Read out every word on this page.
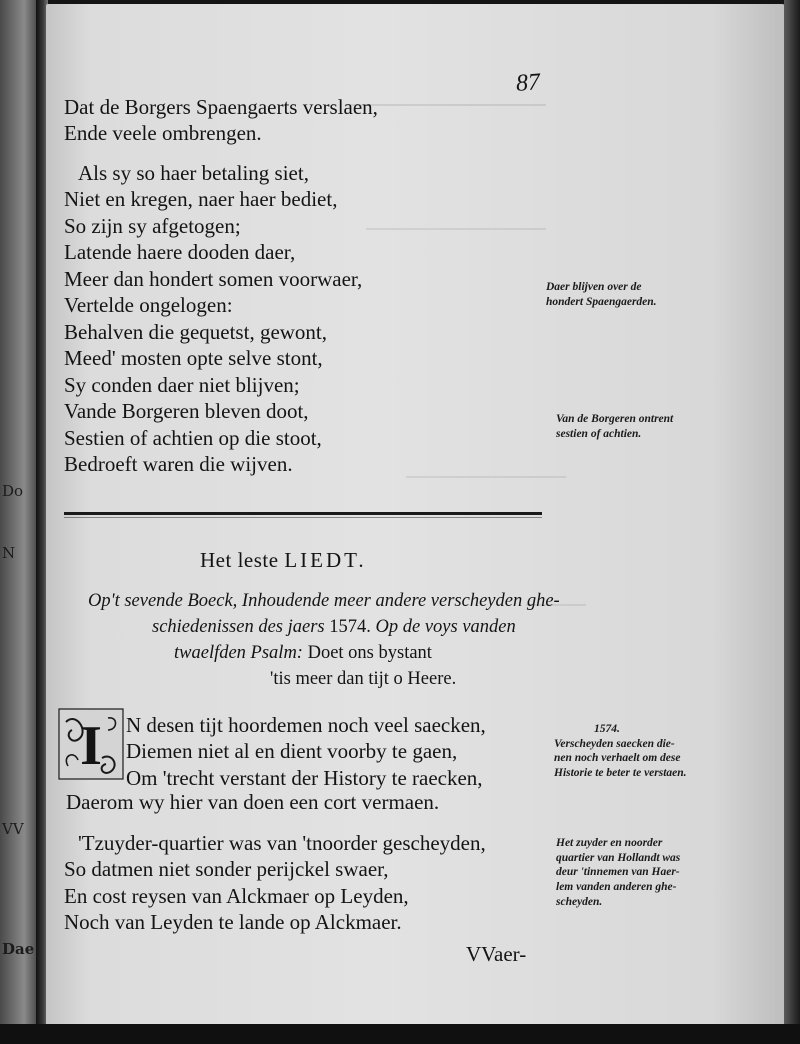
Do
N
VV
Dae
87
Dat de Borgers Spaengaerts verslaen,
Ende veele ombrengen.
Als sy so haer betaling siet,
Niet en kregen, naer haer bediet,
So zijn sy afgetogen;
Latende haere dooden daer,
Meer dan hondert somen voorwaer,
Vertelde ongelogen:
Behalven die gequetst, gewont,
Meed' mosten opte selve stont,
Sy conden daer niet blijven;
Vande Borgeren bleven doot,
Sestien of achtien op die stoot,
Bedroeft waren die wijven.
Daer blijven over de
hondert Spaengaerden.
Van de Borgeren ontrent
sestien of achtien.
Het leste LIEDT.
Op't sevende Boeck, Inhoudende meer andere verscheyden ghe-
schiedenissen des jaers 1574. Op de voys vanden
twaelfden Psalm: Doet ons bystant
'tis meer dan tijt o Heere.
I N desen tijt hoordemen noch veel saecken,
Diemen niet al en dient voorby te gaen,
Om 'trecht verstant der History te raecken,
Daerom wy hier van doen een cort vermaen.
1574.
Verscheyden saecken die-
nen noch verhaelt om dese
Historie te beter te verstaen.
'Tzuyder-quartier was van 'tnoorder gescheyden,
So datmen niet sonder perijckel swaer,
En cost reysen van Alckmaer op Leyden,
Noch van Leyden te lande op Alckmaer.
Het zuyder en noorder
quartier van Hollandt was
deur 'tinnemen van Haer-
lem vanden anderen ghe-
scheyden.
VVaer-
